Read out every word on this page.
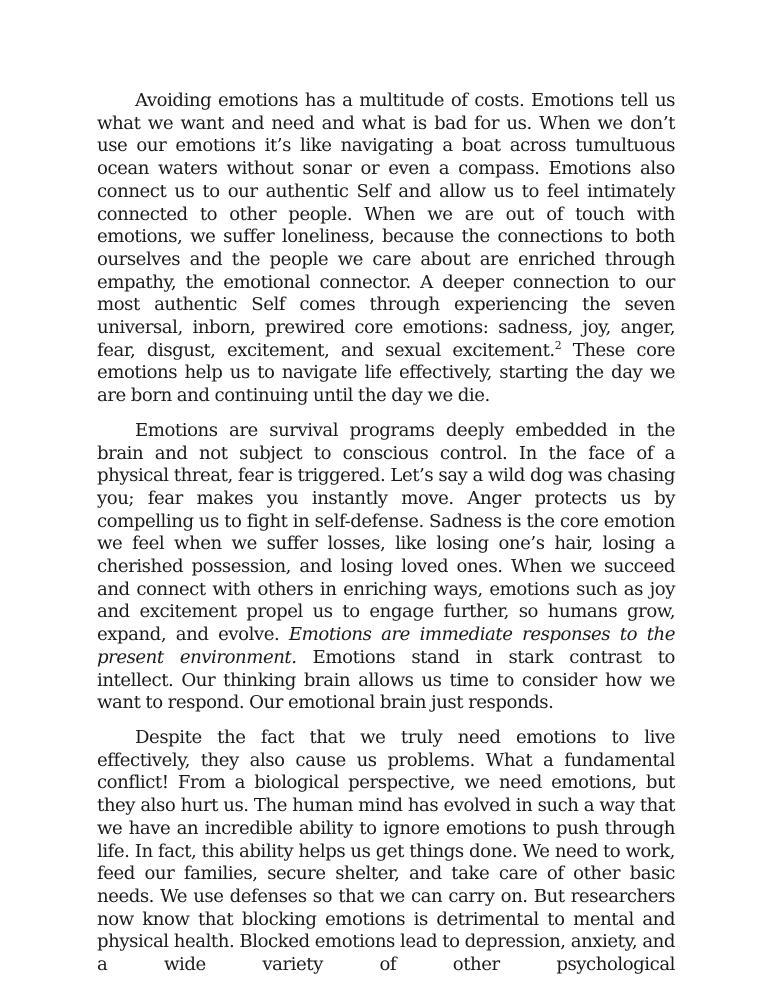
Avoiding emotions has a multitude of costs. Emotions tell us what we want and need and what is bad for us. When we don’t use our emotions it’s like navigating a boat across tumultuous ocean waters without sonar or even a compass. Emotions also connect us to our authentic Self and allow us to feel intimately connected to other people. When we are out of touch with emotions, we suffer loneliness, because the connections to both ourselves and the people we care about are enriched through empathy, the emotional connector. A deeper connection to our most authentic Self comes through experiencing the seven universal, inborn, prewired core emotions: sadness, joy, anger, fear, disgust, excitement, and sexual excitement.$^2$ These core emotions help us to navigate life effectively, starting the day we are born and continuing until the day we die.

Emotions are survival programs deeply embedded in the brain and not subject to conscious control. In the face of a physical threat, fear is triggered. Let’s say a wild dog was chasing you; fear makes you instantly move. Anger protects us by compelling us to fight in self-defense. Sadness is the core emotion we feel when we suffer losses, like losing one’s hair, losing a cherished possession, and losing loved ones. When we succeed and connect with others in enriching ways, emotions such as joy and excitement propel us to engage further, so humans grow, expand, and evolve. Emotions are immediate responses to the present environment. Emotions stand in stark contrast to intellect. Our thinking brain allows us time to consider how we want to respond. Our emotional brain just responds.

Despite the fact that we truly need emotions to live effectively, they also cause us problems. What a fundamental conflict! From a biological perspective, we need emotions, but they also hurt us. The human mind has evolved in such a way that we have an incredible ability to ignore emotions to push through life. In fact, this ability helps us get things done. We need to work, feed our families, secure shelter, and take care of other basic needs. We use defenses so that we can carry on. But researchers now know that blocking emotions is detrimental to mental and physical health. Blocked emotions lead to depression, anxiety, and a wide variety of other psychological
